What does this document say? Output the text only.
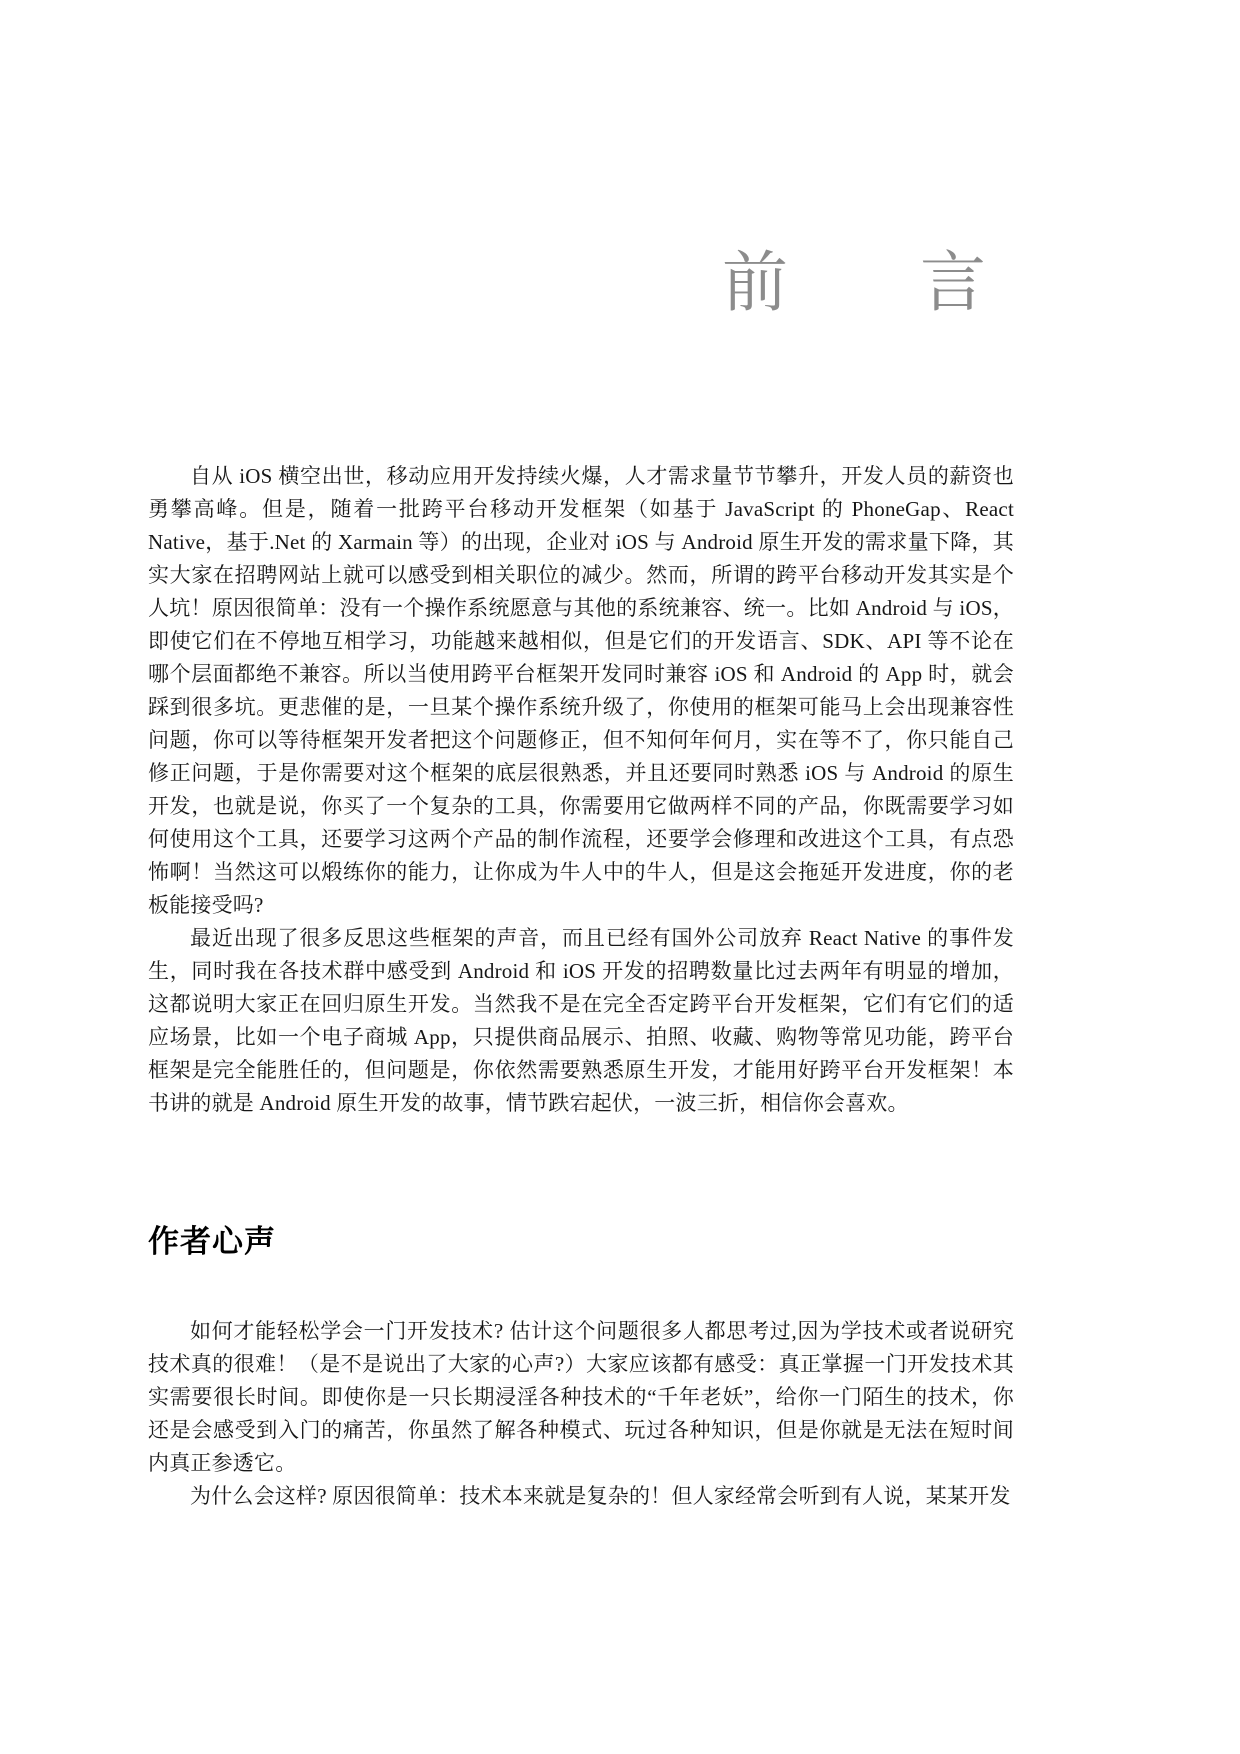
前　　言

自从 iOS 横空出世，移动应用开发持续火爆，人才需求量节节攀升，开发人员的薪资也勇攀高峰。但是，随着一批跨平台移动开发框架（如基于 JavaScript 的 PhoneGap、React Native，基于.Net 的 Xarmain 等）的出现，企业对 iOS 与 Android 原生开发的需求量下降，其实大家在招聘网站上就可以感受到相关职位的减少。然而，所谓的跨平台移动开发其实是个人坑！原因很简单：没有一个操作系统愿意与其他的系统兼容、统一。比如 Android 与 iOS，即使它们在不停地互相学习，功能越来越相似，但是它们的开发语言、SDK、API 等不论在哪个层面都绝不兼容。所以当使用跨平台框架开发同时兼容 iOS 和 Android 的 App 时，就会踩到很多坑。更悲催的是，一旦某个操作系统升级了，你使用的框架可能马上会出现兼容性问题，你可以等待框架开发者把这个问题修正，但不知何年何月，实在等不了，你只能自己修正问题，于是你需要对这个框架的底层很熟悉，并且还要同时熟悉 iOS 与 Android 的原生开发，也就是说，你买了一个复杂的工具，你需要用它做两样不同的产品，你既需要学习如何使用这个工具，还要学习这两个产品的制作流程，还要学会修理和改进这个工具，有点恐怖啊！当然这可以煅练你的能力，让你成为牛人中的牛人，但是这会拖延开发进度，你的老板能接受吗?

最近出现了很多反思这些框架的声音，而且已经有国外公司放弃 React Native 的事件发生，同时我在各技术群中感受到 Android 和 iOS 开发的招聘数量比过去两年有明显的增加，这都说明大家正在回归原生开发。当然我不是在完全否定跨平台开发框架，它们有它们的适应场景，比如一个电子商城 App，只提供商品展示、拍照、收藏、购物等常见功能，跨平台框架是完全能胜任的，但问题是，你依然需要熟悉原生开发，才能用好跨平台开发框架！本书讲的就是 Android 原生开发的故事，情节跌宕起伏，一波三折，相信你会喜欢。

作者心声

如何才能轻松学会一门开发技术? 估计这个问题很多人都思考过,因为学技术或者说研究技术真的很难！（是不是说出了大家的心声?）大家应该都有感受：真正掌握一门开发技术其实需要很长时间。即使你是一只长期浸淫各种技术的“千年老妖”，给你一门陌生的技术，你还是会感受到入门的痛苦，你虽然了解各种模式、玩过各种知识，但是你就是无法在短时间内真正参透它。

为什么会这样? 原因很简单：技术本来就是复杂的！但人家经常会听到有人说，某某开发
